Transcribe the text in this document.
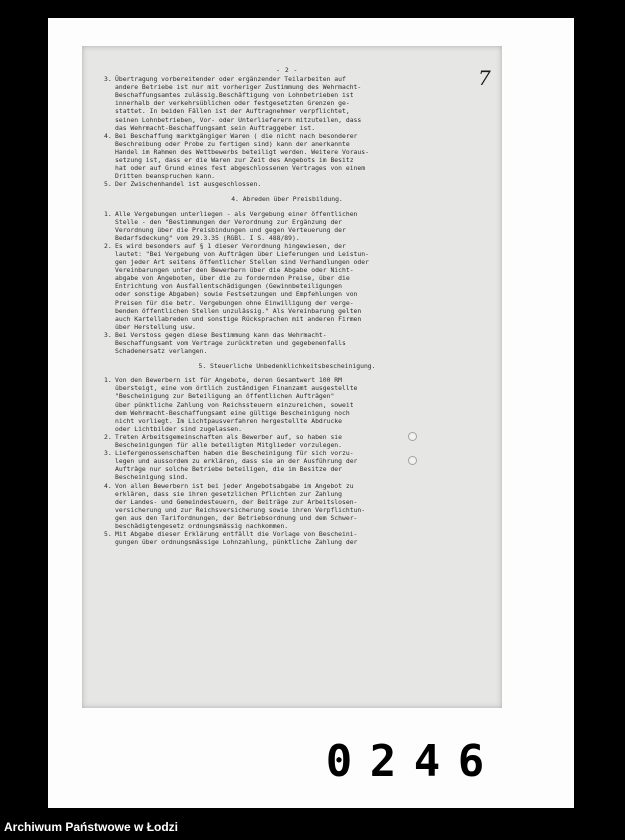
7
- 2 -
3. Übertragung vorbereitender oder ergänzender Teilarbeiten auf
andere Betriebe ist nur mit vorheriger Zustimmung des Wehrmacht-
Beschaffungsamtes zulässig.Beschäftigung von Lohnbetrieben ist
innerhalb der verkehrsüblichen oder festgesetzten Grenzen ge-
stattet. In beiden Fällen ist der Auftragnehmer verpflichtet,
seinen Lohnbetrieben, Vor- oder Unterlieferern mitzuteilen, dass
das Wehrmacht-Beschaffungsamt sein Auftraggeber ist.
4. Bei Beschaffung marktgängiger Waren ( die nicht nach besonderer
Beschreibung oder Probe zu fertigen sind) kann der anerkannte
Handel im Rahmen des Wettbewerbs beteiligt werden. Weitere Voraus-
setzung ist, dass er die Waren zur Zeit des Angebots im Besitz
hat oder auf Grund eines fest abgeschlossenen Vertrages von einem
Dritten beanspruchen kann.
5. Der Zwischenhandel ist ausgeschlossen.
4. Abreden über Preisbildung.
1. Alle Vergebungen unterliegen - als Vergebung einer öffentlichen
Stelle - den "Bestimmungen der Verordnung zur Ergänzung der
Verordnung über die Preisbindungen und gegen Verteuerung der
Bedarfsdeckung" vom 29.3.35 (RGBl. I S. 488/89).
2. Es wird besonders auf § 1 dieser Verordnung hingewiesen, der
lautet: "Bei Vergebung von Aufträgen über Lieferungen und Leistun-
gen jeder Art seitens öffentlicher Stellen sind Verhandlungen oder
Vereinbarungen unter den Bewerbern über die Abgabe oder Nicht-
abgabe von Angeboten, über die zu fordernden Preise, über die
Entrichtung von Ausfallentschädigungen (Gewinnbeteiligungen
oder sonstige Abgaben) sowie Festsetzungen und Empfehlungen von
Preisen für die betr. Vergebungen ohne Einwilligung der verge-
benden öffentlichen Stellen unzulässig." Als Vereinbarung gelten
auch Kartellabreden und sonstige Rücksprachen mit anderen Firmen
über Herstellung usw.
3. Bei Verstoss gegen diese Bestimmung kann das Wehrmacht-
Beschaffungsamt vom Vertrage zurücktreten und gegebenenfalls
Schadenersatz verlangen.
5. Steuerliche Unbedenklichkeitsbescheinigung.
1. Von den Bewerbern ist für Angebote, deren Gesamtwert 100 RM
übersteigt, eine vom örtlich zuständigen Finanzamt ausgestellte
"Bescheinigung zur Beteiligung an öffentlichen Aufträgen"
über pünktliche Zahlung von Reichssteuern einzureichen, soweit
dem Wehrmacht-Beschaffungsamt eine gültige Bescheinigung noch
nicht vorliegt. Im Lichtpausverfahren hergestellte Abdrucke
oder Lichtbilder sind zugelassen.
2. Treten Arbeitsgemeinschaften als Bewerber auf, so haben sie
Bescheinigungen für alle beteiligten Mitglieder vorzulegen.
3. Liefergenossenschaften haben die Bescheinigung für sich vorzu-
legen und aussordem zu erklären, dass sie an der Ausführung der
Aufträge nur solche Betriebe beteiligen, die im Besitze der
Bescheinigung sind.
4. Von allen Bewerbern ist bei jeder Angebotsabgabe im Angebot zu
erklären, dass sie ihren gesetzlichen Pflichten zur Zahlung
der Landes- und Gemeindesteuern, der Beiträge zur Arbeitslosen-
versicherung und zur Reichsversicherung sowie ihren Verpflichtun-
gen aus den Tarifordnungen, der Betriebsordnung und dem Schwer-
beschädigtengesetz ordnungsmässig nachkommen.
5. Mit Abgabe dieser Erklärung entfällt die Vorlage von Bescheini-
gungen über ordnungsmässige Lohnzahlung, pünktliche Zahlung der
0 2 4 6
Archiwum Państwowe w Łodzi
